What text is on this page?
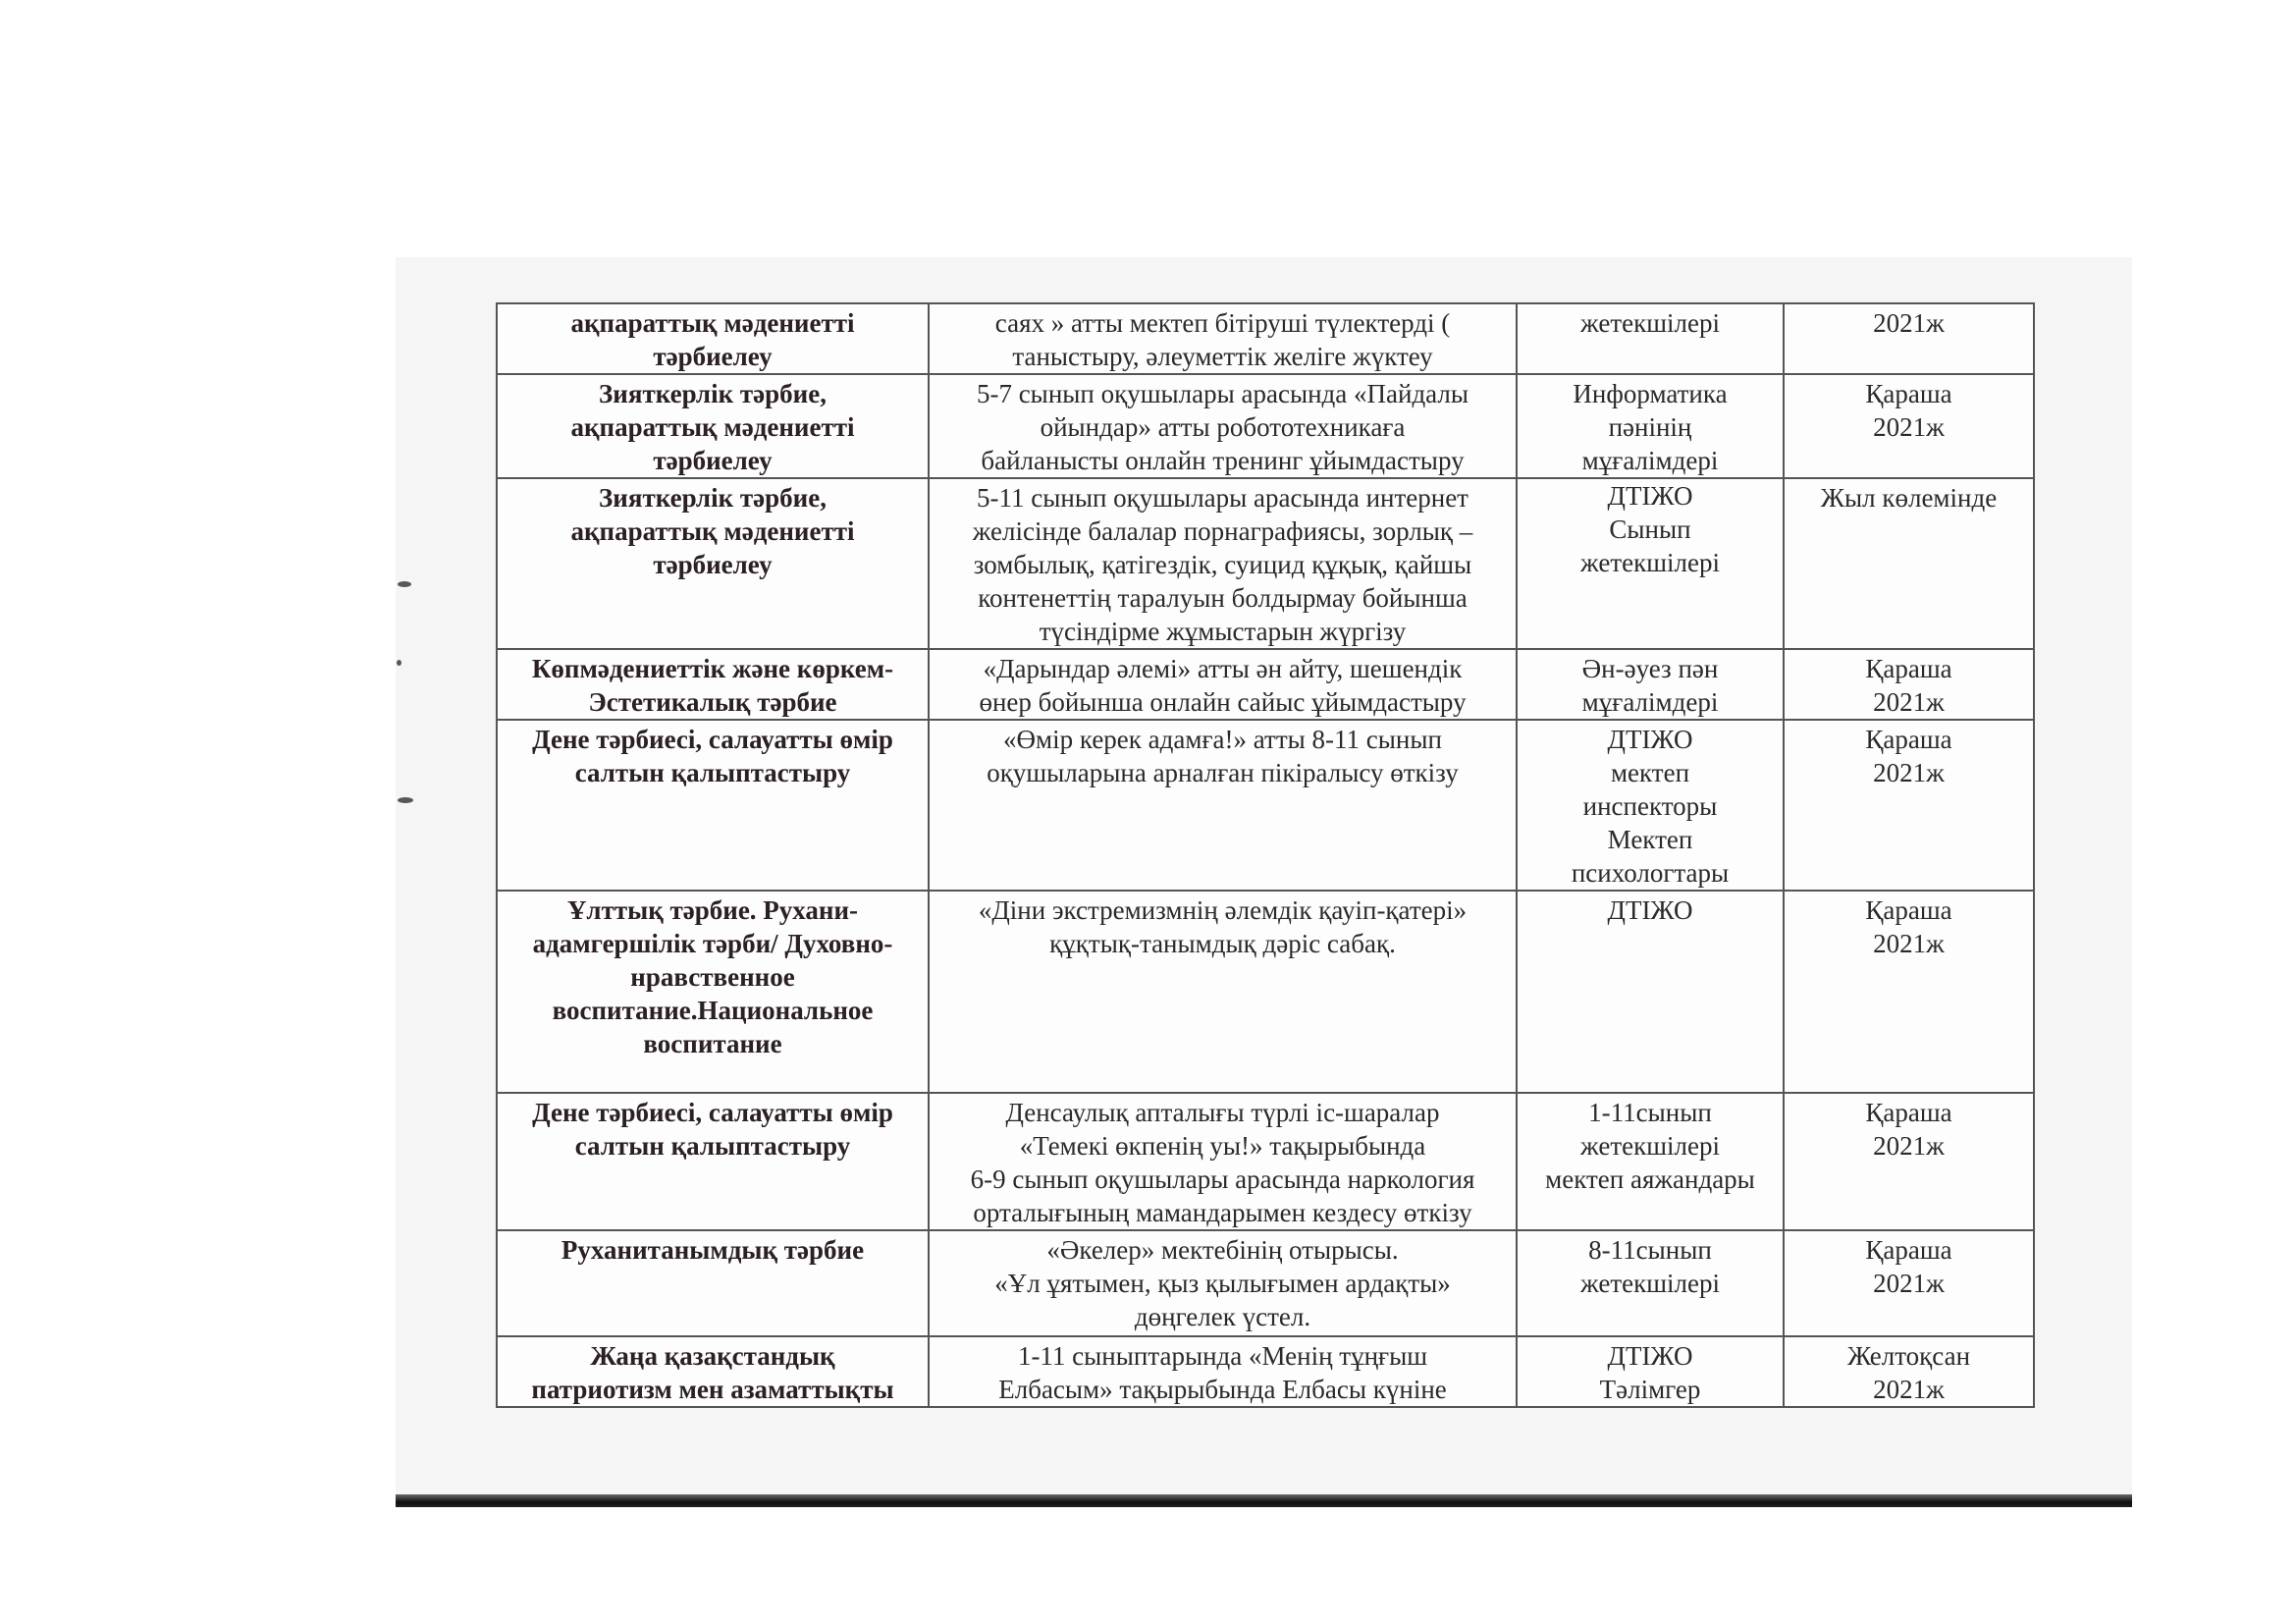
ақпараттық мәдениетті
тәрбиелеу	саях » атты мектеп бітіруші түлектерді (
таныстыру, әлеуметтік желіге жүктеу	жетекшілері	2021ж

Зияткерлік тәрбие,
ақпараттық мәдениетті
тәрбиелеу	5-7 сынып оқушылары арасында «Пайдалы
ойындар» атты робототехникаға
байланысты онлайн тренинг ұйымдастыру	Информатика
пәнінің
мұғалімдері	Қараша
2021ж

Зияткерлік тәрбие,
ақпараттық мәдениетті
тәрбиелеу	5-11 сынып оқушылары арасында интернет
желісінде балалар порнаграфиясы, зорлық –
зомбылық, қатігездік, суицид құқық, қайшы
контенеттің таралуын болдырмау бойынша
түсіндірме жұмыстарын жүргізу	ДТІЖО
Сынып
жетекшілері	Жыл көлемінде

Көпмәдениеттік және көркем-
Эстетикалық тәрбие	«Дарындар әлемі» атты ән айту, шешендік
өнер бойынша онлайн сайыс ұйымдастыру	Ән-әуез пән
мұғалімдері	Қараша
2021ж

Дене тәрбиесі, салауатты өмір
салтын қалыптастыру	«Өмір керек адамға!» атты 8-11 сынып
оқушыларына арналған пікіралысу өткізу	ДТІЖО
мектеп
инспекторы
Мектеп
психологтары	Қараша
2021ж

Ұлттық тәрбие. Рухани-
адамгершілік тәрби/ Духовно-
нравственное
воспитание.Национальное
воспитание	«Діни экстремизмнің әлемдік қауіп-қатері»
құқтық-танымдық дәріс сабақ.	ДТІЖО	Қараша
2021ж

Дене тәрбиесі, салауатты өмір
салтын қалыптастыру	Денсаулық апталығы түрлі іс-шаралар
«Темекі өкпенің уы!» тақырыбында
6-9 сынып оқушылары арасында наркология
орталығының мамандарымен кездесу өткізу	1-11сынып
жетекшілері
мектеп аяжандары	Қараша
2021ж

Руханитанымдық тәрбие	«Әкелер» мектебінің отырысы.
«Ұл ұятымен, қыз қылығымен ардақты»
дөңгелек үстел.	8-11сынып
жетекшілері	Қараша
2021ж

Жаңа қазақстандық
патриотизм мен азаматтықты	1-11 сыныптарында «Менің тұңғыш
Елбасым» тақырыбында Елбасы күніне	ДТІЖО
Тәлімгер	Желтоқсан
2021ж
